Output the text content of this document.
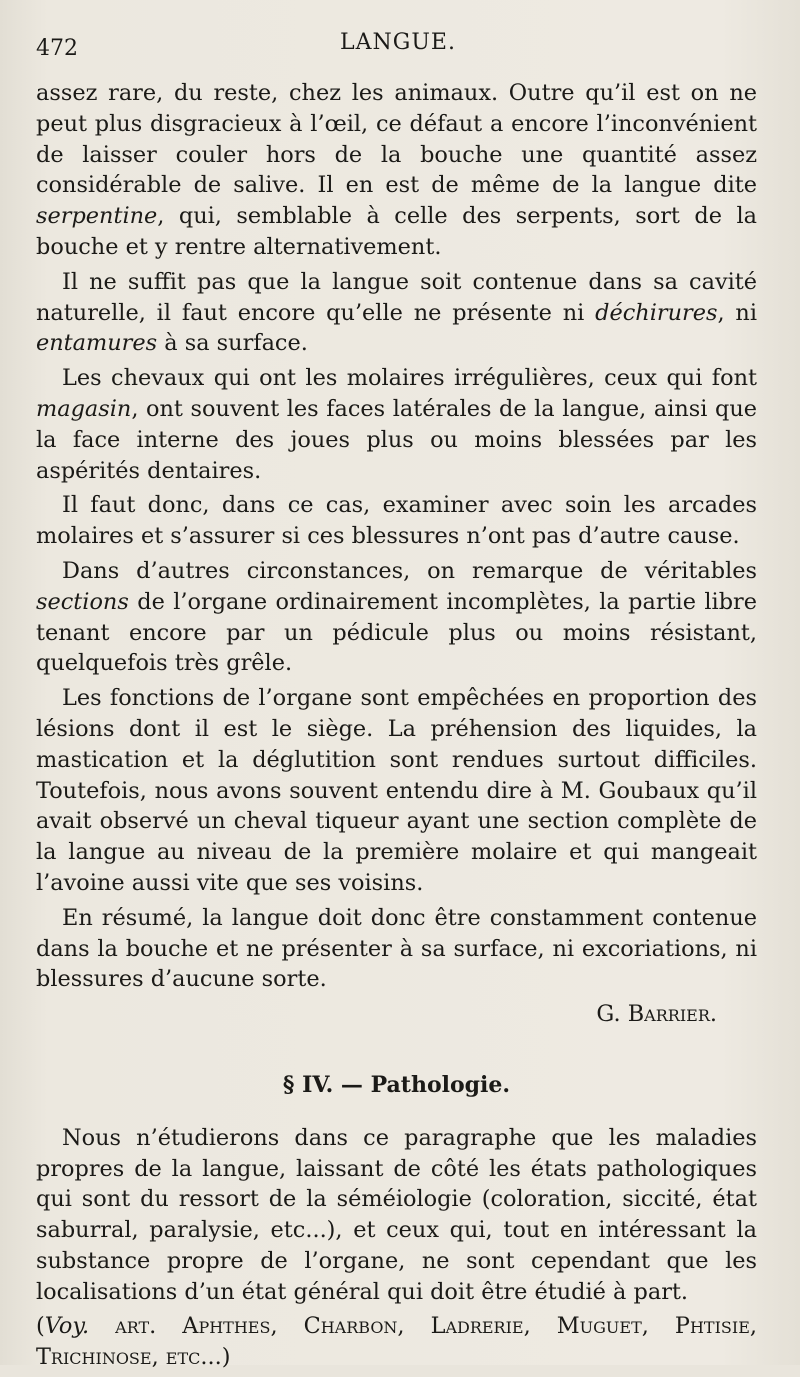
472	LANGUE.

assez rare, du reste, chez les animaux. Outre qu’il est on ne peut plus disgracieux à l’œil, ce défaut a encore l’inconvénient de laisser couler hors de la bouche une quantité assez considérable de salive. Il en est de même de la langue dite serpentine, qui, semblable à celle des serpents, sort de la bouche et y rentre alternativement.

Il ne suffit pas que la langue soit contenue dans sa cavité naturelle, il faut encore qu’elle ne présente ni déchirures, ni entamures à sa surface.

Les chevaux qui ont les molaires irrégulières, ceux qui font magasin, ont souvent les faces latérales de la langue, ainsi que la face interne des joues plus ou moins blessées par les aspérités dentaires.

Il faut donc, dans ce cas, examiner avec soin les arcades molaires et s’assurer si ces blessures n’ont pas d’autre cause.

Dans d’autres circonstances, on remarque de véritables sections de l’organe ordinairement incomplètes, la partie libre tenant encore par un pédicule plus ou moins résistant, quelquefois très grêle.

Les fonctions de l’organe sont empêchées en proportion des lésions dont il est le siège. La préhension des liquides, la mastication et la déglutition sont rendues surtout difficiles. Toutefois, nous avons souvent entendu dire à M. Goubaux qu’il avait observé un cheval tiqueur ayant une section complète de la langue au niveau de la première molaire et qui mangeait l’avoine aussi vite que ses voisins.

En résumé, la langue doit donc être constamment contenue dans la bouche et ne présenter à sa surface, ni excoriations, ni blessures d’aucune sorte.

G. Barrier.
§ IV. — Pathologie.

Nous n’étudierons dans ce paragraphe que les maladies propres de la langue, laissant de côté les états pathologiques qui sont du ressort de la séméiologie (coloration, siccité, état saburral, paralysie, etc...), et ceux qui, tout en intéressant la substance propre de l’organe, ne sont cependant que les localisations d’un état général qui doit être étudié à part.

(Voy. art. Aphthes, Charbon, Ladrerie, Muguet, Phtisie, Trichinose, etc...)
